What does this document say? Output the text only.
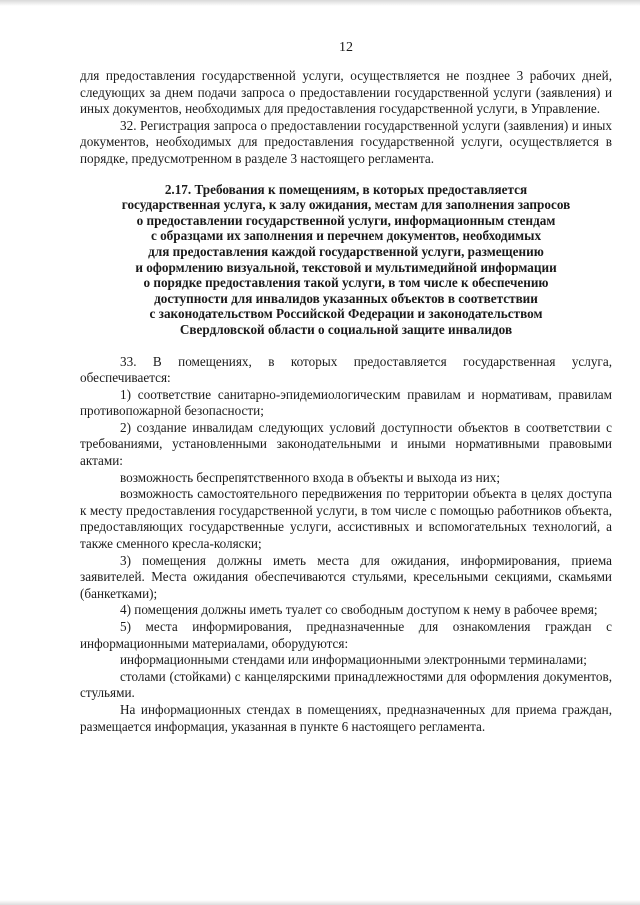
12

для предоставления государственной услуги, осуществляется не позднее 3 рабочих дней, следующих за днем подачи запроса о предоставлении государственной услуги (заявления) и иных документов, необходимых для предоставления государственной услуги, в Управление.

32. Регистрация запроса о предоставлении государственной услуги (заявления) и иных документов, необходимых для предоставления государственной услуги, осуществляется в порядке, предусмотренном в разделе 3 настоящего регламента.

2.17. Требования к помещениям, в которых предоставляется
государственная услуга, к залу ожидания, местам для заполнения запросов
о предоставлении государственной услуги, информационным стендам
с образцами их заполнения и перечнем документов, необходимых
для предоставления каждой государственной услуги, размещению
и оформлению визуальной, текстовой и мультимедийной информации
о порядке предоставления такой услуги, в том числе к обеспечению
доступности для инвалидов указанных объектов в соответствии
с законодательством Российской Федерации и законодательством
Свердловской области о социальной защите инвалидов

33. В помещениях, в которых предоставляется государственная услуга, обеспечивается:

1) соответствие санитарно-эпидемиологическим правилам и нормативам, правилам противопожарной безопасности;

2) создание инвалидам следующих условий доступности объектов в соответствии с требованиями, установленными законодательными и иными нормативными правовыми актами:

возможность беспрепятственного входа в объекты и выхода из них;

возможность самостоятельного передвижения по территории объекта в целях доступа к месту предоставления государственной услуги, в том числе с помощью работников объекта, предоставляющих государственные услуги, ассистивных и вспомогательных технологий, а также сменного кресла-коляски;

3) помещения должны иметь места для ожидания, информирования, приема заявителей. Места ожидания обеспечиваются стульями, кресельными секциями, скамьями (банкетками);

4) помещения должны иметь туалет со свободным доступом к нему в рабочее время;

5) места информирования, предназначенные для ознакомления граждан с информационными материалами, оборудуются:

информационными стендами или информационными электронными терминалами;

столами (стойками) с канцелярскими принадлежностями для оформления документов, стульями.

На информационных стендах в помещениях, предназначенных для приема граждан, размещается информация, указанная в пункте 6 настоящего регламента.
